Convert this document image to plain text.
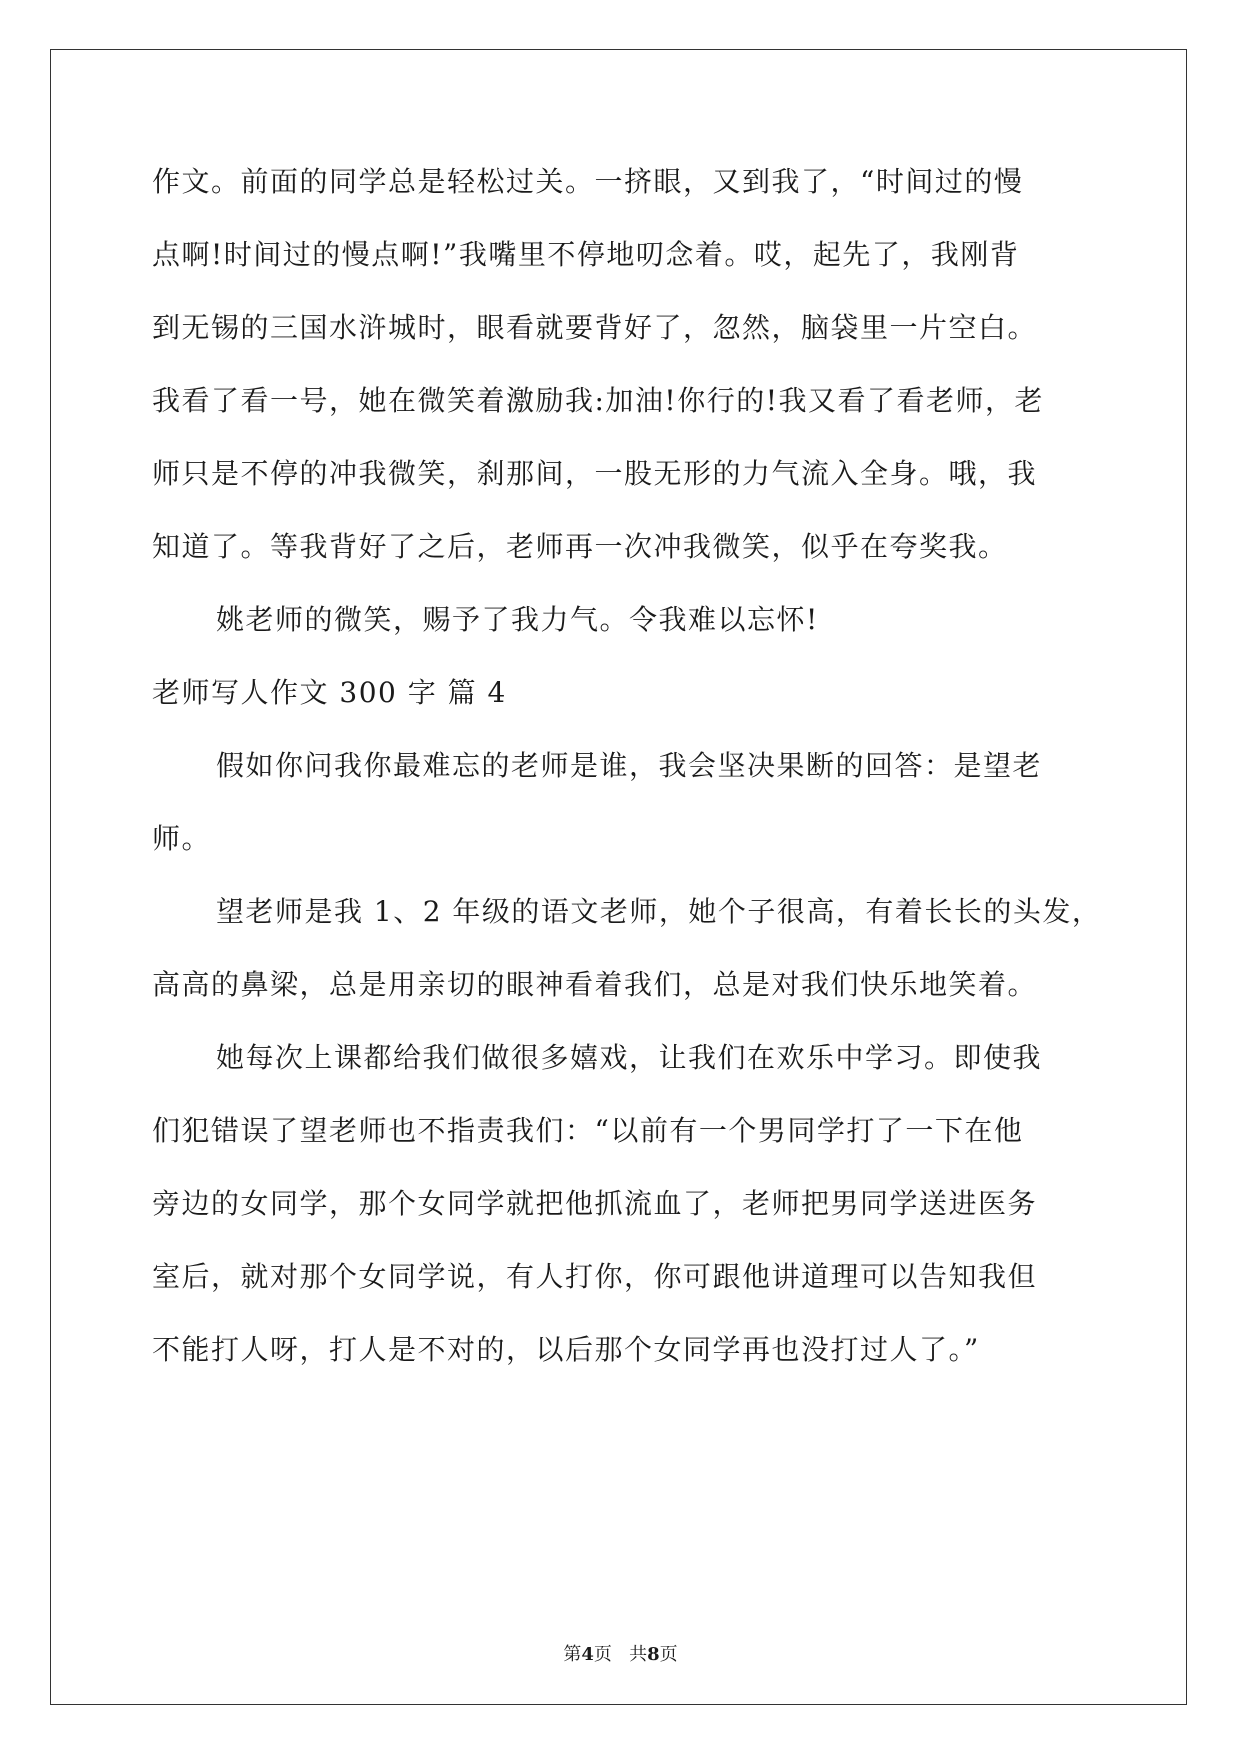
作文。前面的同学总是轻松过关。一挤眼，又到我了，“时间过的慢
点啊!时间过的慢点啊!”我嘴里不停地叨念着。哎，起先了，我刚背
到无锡的三国水浒城时，眼看就要背好了，忽然，脑袋里一片空白。
我看了看一号，她在微笑着激励我:加油!你行的!我又看了看老师，老
师只是不停的冲我微笑，刹那间，一股无形的力气流入全身。哦，我
知道了。等我背好了之后，老师再一次冲我微笑，似乎在夸奖我。
姚老师的微笑，赐予了我力气。令我难以忘怀!
老师写人作文 300 字 篇 4
假如你问我你最难忘的老师是谁，我会坚决果断的回答：是望老
师。
望老师是我 1、2 年级的语文老师，她个子很高，有着长长的头发，
高高的鼻梁，总是用亲切的眼神看着我们，总是对我们快乐地笑着。
她每次上课都给我们做很多嬉戏，让我们在欢乐中学习。即使我
们犯错误了望老师也不指责我们：“以前有一个男同学打了一下在他
旁边的女同学，那个女同学就把他抓流血了，老师把男同学送进医务
室后，就对那个女同学说，有人打你，你可跟他讲道理可以告知我但
不能打人呀，打人是不对的，以后那个女同学再也没打过人了。”
第4页   共8页
